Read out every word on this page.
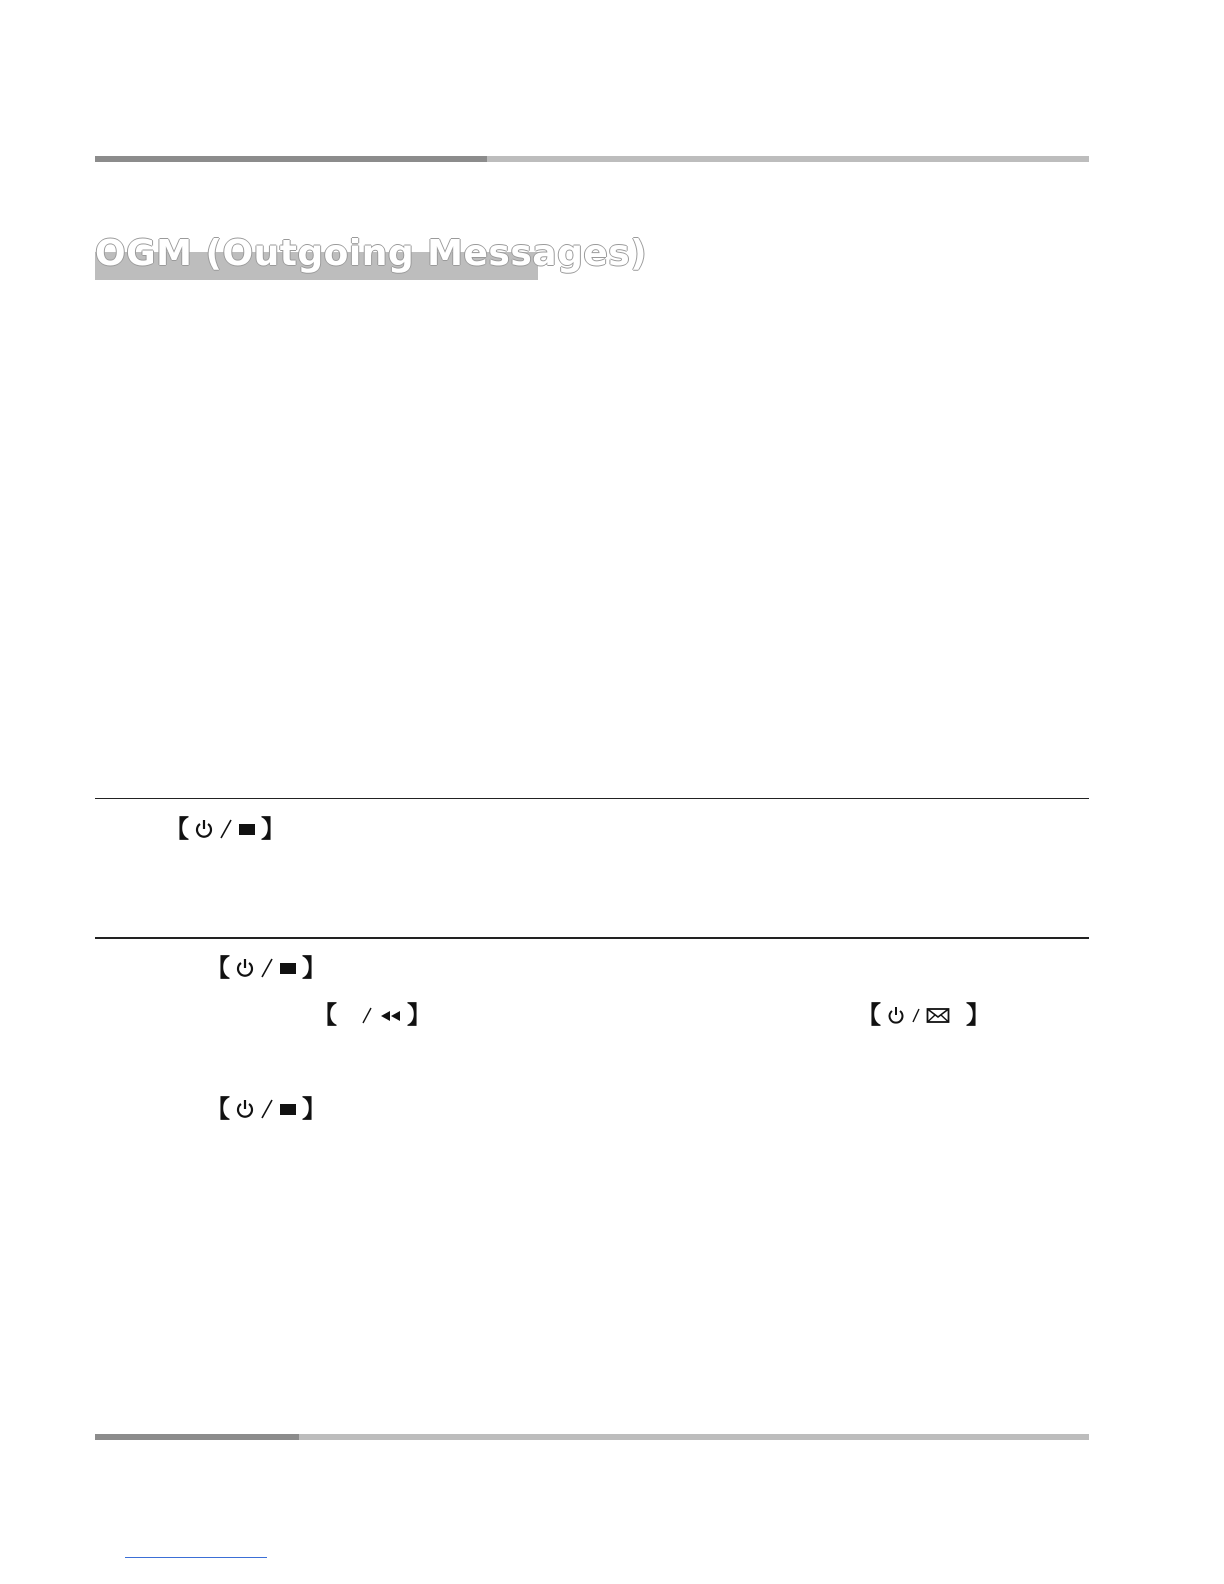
OGM (Outgoing Messages)
【	】
【	】
【	】	【	】
【	】
